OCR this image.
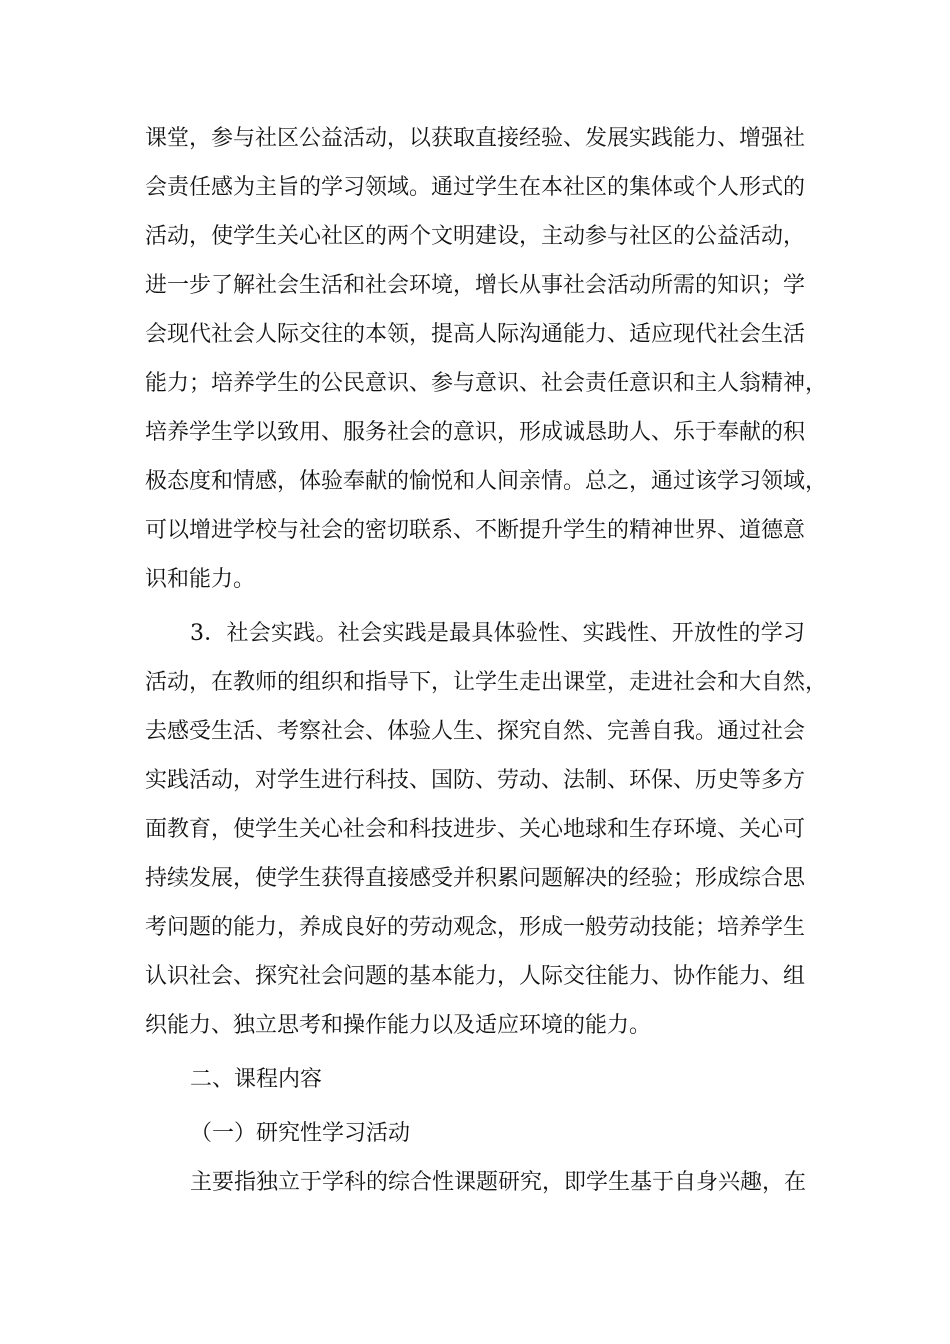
课堂，参与社区公益活动，以获取直接经验、发展实践能力、增强社
会责任感为主旨的学习领域。通过学生在本社区的集体或个人形式的
活动，使学生关心社区的两个文明建设，主动参与社区的公益活动，
进一步了解社会生活和社会环境，增长从事社会活动所需的知识；学
会现代社会人际交往的本领，提高人际沟通能力、适应现代社会生活
能力；培养学生的公民意识、参与意识、社会责任意识和主人翁精神，
培养学生学以致用、服务社会的意识，形成诚恳助人、乐于奉献的积
极态度和情感，体验奉献的愉悦和人间亲情。总之，通过该学习领域，
可以增进学校与社会的密切联系、不断提升学生的精神世界、道德意
识和能力。
3．社会实践。社会实践是最具体验性、实践性、开放性的学习
活动，在教师的组织和指导下，让学生走出课堂，走进社会和大自然，
去感受生活、考察社会、体验人生、探究自然、完善自我。通过社会
实践活动，对学生进行科技、国防、劳动、法制、环保、历史等多方
面教育，使学生关心社会和科技进步、关心地球和生存环境、关心可
持续发展，使学生获得直接感受并积累问题解决的经验；形成综合思
考问题的能力，养成良好的劳动观念，形成一般劳动技能；培养学生
认识社会、探究社会问题的基本能力，人际交往能力、协作能力、组
织能力、独立思考和操作能力以及适应环境的能力。
二、课程内容
（一）研究性学习活动
主要指独立于学科的综合性课题研究，即学生基于自身兴趣，在
